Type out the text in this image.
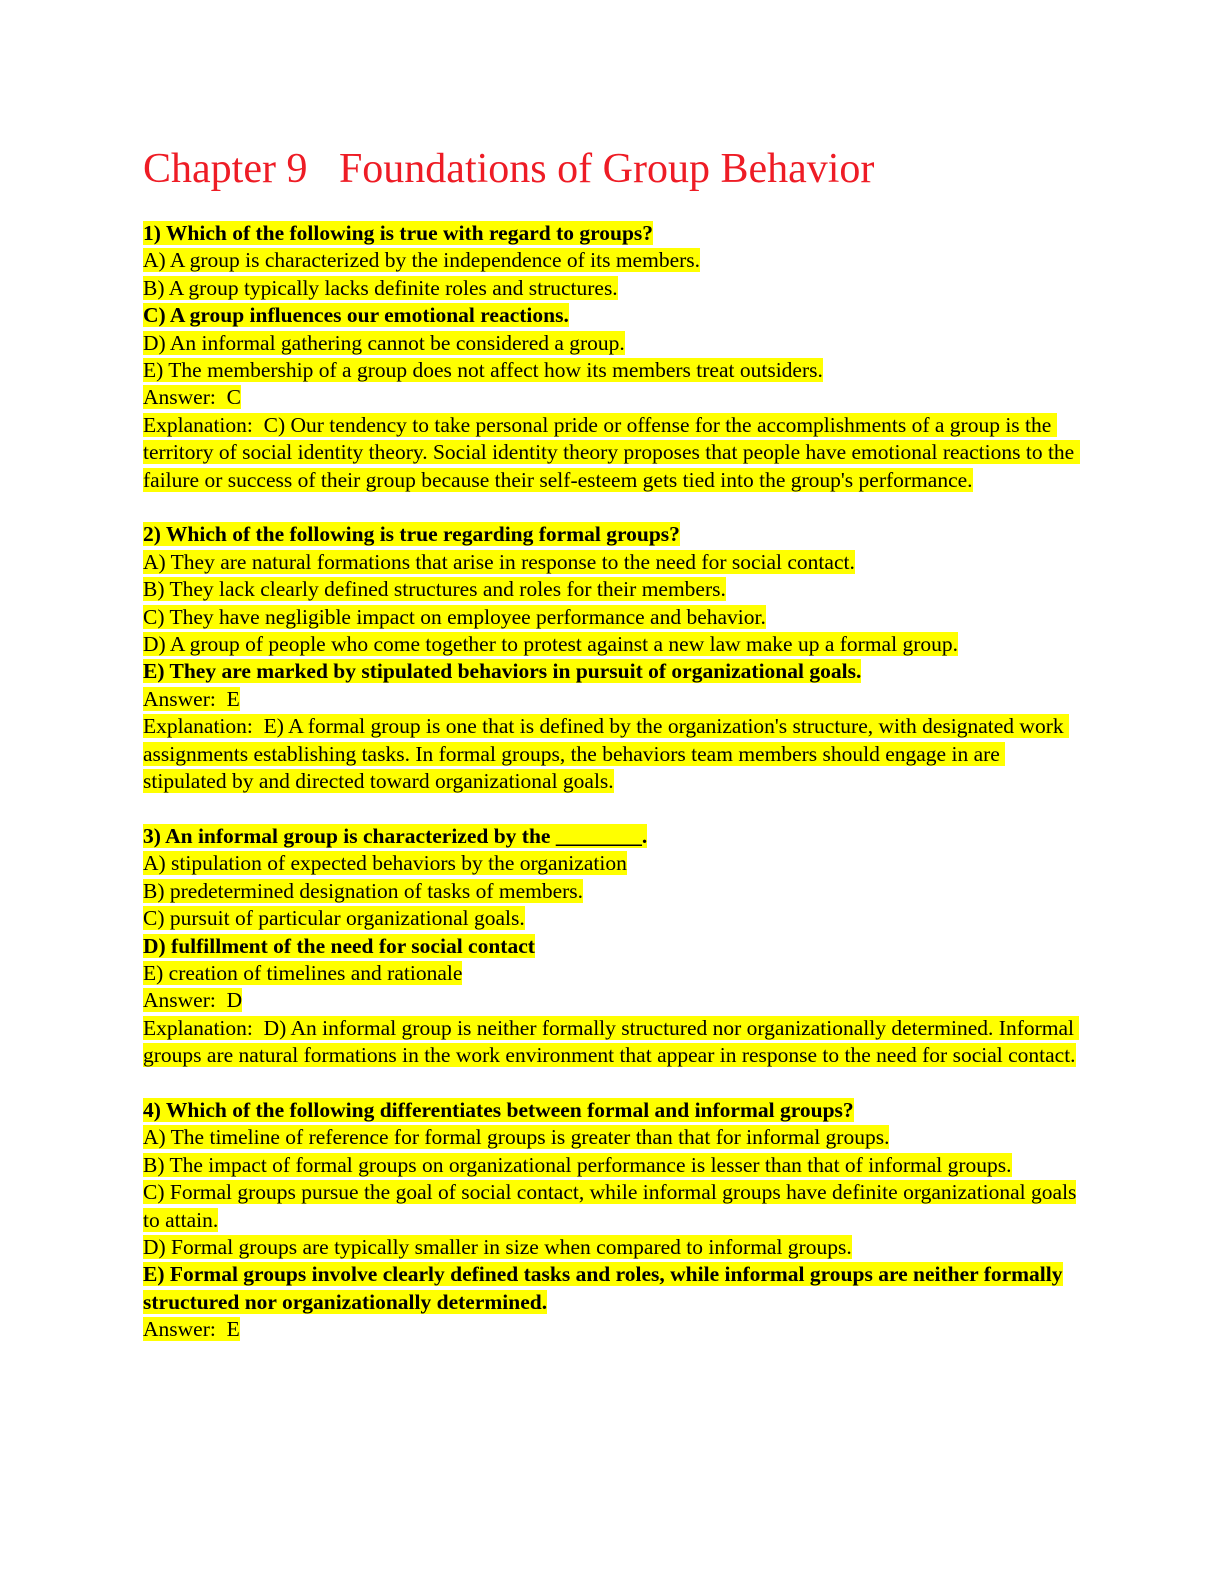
Chapter 9   Foundations of Group Behavior
1) Which of the following is true with regard to groups?
A) A group is characterized by the independence of its members.
B) A group typically lacks definite roles and structures.
C) A group influences our emotional reactions.
D) An informal gathering cannot be considered a group.
E) The membership of a group does not affect how its members treat outsiders.
Answer:  C
Explanation:  C) Our tendency to take personal pride or offense for the accomplishments of a group is the territory of social identity theory. Social identity theory proposes that people have emotional reactions to the failure or success of their group because their self-esteem gets tied into the group's performance.
2) Which of the following is true regarding formal groups?
A) They are natural formations that arise in response to the need for social contact.
B) They lack clearly defined structures and roles for their members.
C) They have negligible impact on employee performance and behavior.
D) A group of people who come together to protest against a new law make up a formal group.
E) They are marked by stipulated behaviors in pursuit of organizational goals.
Answer:  E
Explanation:  E) A formal group is one that is defined by the organization's structure, with designated work assignments establishing tasks. In formal groups, the behaviors team members should engage in are stipulated by and directed toward organizational goals.
3) An informal group is characterized by the ________.
A) stipulation of expected behaviors by the organization
B) predetermined designation of tasks of members.
C) pursuit of particular organizational goals.
D) fulfillment of the need for social contact
E) creation of timelines and rationale
Answer:  D
Explanation:  D) An informal group is neither formally structured nor organizationally determined. Informal groups are natural formations in the work environment that appear in response to the need for social contact.
4) Which of the following differentiates between formal and informal groups?
A) The timeline of reference for formal groups is greater than that for informal groups.
B) The impact of formal groups on organizational performance is lesser than that of informal groups.
C) Formal groups pursue the goal of social contact, while informal groups have definite organizational goals to attain.
D) Formal groups are typically smaller in size when compared to informal groups.
E) Formal groups involve clearly defined tasks and roles, while informal groups are neither formally structured nor organizationally determined.
Answer:  E
